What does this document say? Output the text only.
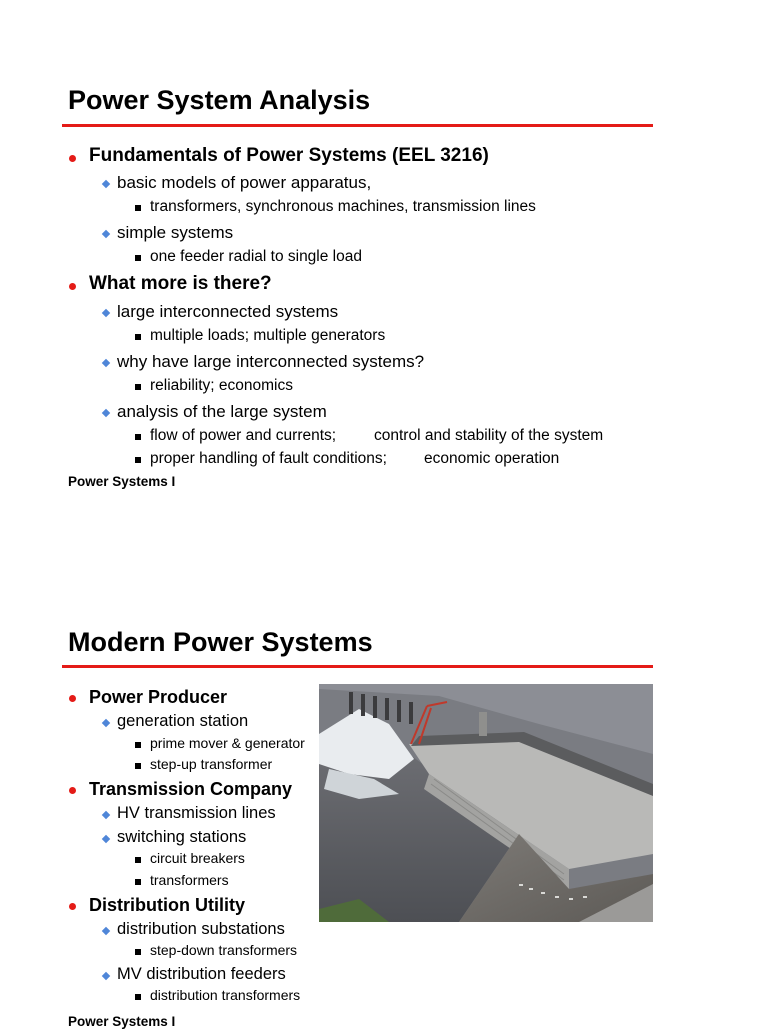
Power System Analysis
Fundamentals of Power Systems (EEL 3216)
basic models of power apparatus,
transformers, synchronous machines, transmission lines
simple systems
one feeder radial to single load
What more is there?
large interconnected systems
multiple loads; multiple generators
why have large interconnected systems?
reliability; economics
analysis of the large system
flow of power and currents; control and stability of the system
proper handling of fault conditions; economic operation
Power Systems I
Modern Power Systems
Power Producer
generation station
prime mover & generator
step-up transformer
Transmission Company
HV transmission lines
switching stations
circuit breakers
transformers
Distribution Utility
distribution substations
step-down transformers
MV distribution feeders
distribution transformers
Power Systems I
